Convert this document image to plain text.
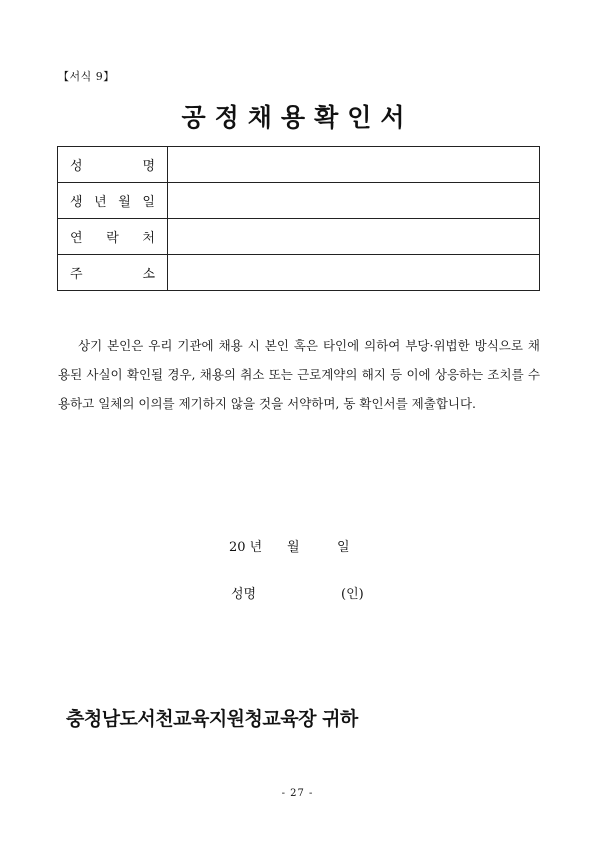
【서식 9】
공정채용확인서
성 명	

생 년 월 일	

연 락 처	

주 소	

상기 본인은 우리 기관에 채용 시 본인 혹은 타인에 의하여 부당·위법한 방식으로 채용된 사실이 확인될 경우, 채용의 취소 또는 근로계약의 해지 등 이에 상응하는 조치를 수용하고 일체의 이의를 제기하지 않을 것을 서약하며, 동 확인서를 제출합니다.
20 년	월	일
성명	(인)
충청남도서천교육지원청교육장 귀하
- 27 -
